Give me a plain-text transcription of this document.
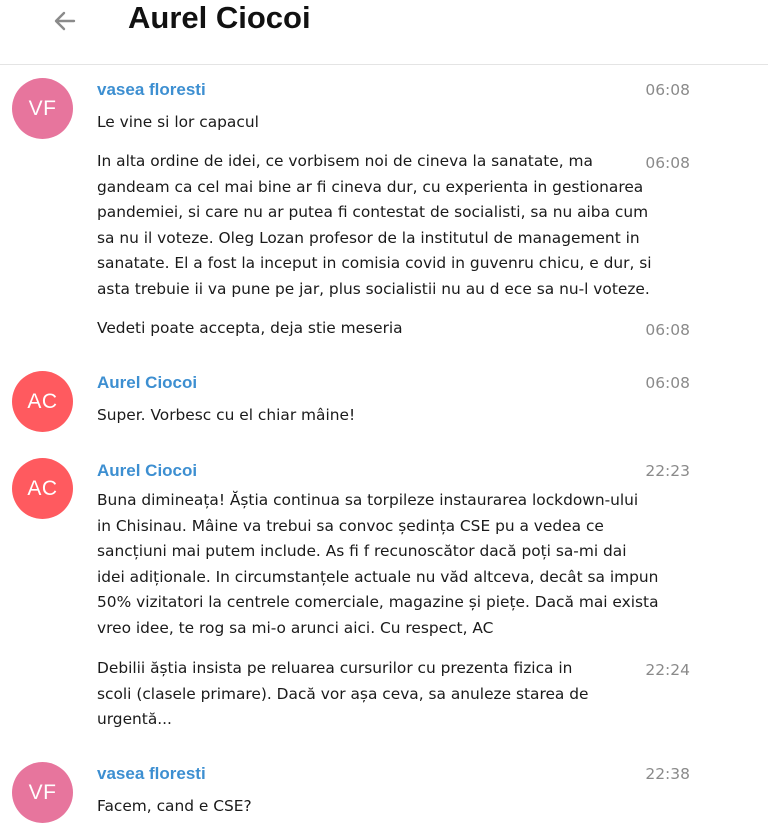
Aurel Ciocoi
VF
vasea floresti	06:08
Le vine si lor capacul
06:08
In alta ordine de idei, ce vorbisem noi de cineva la sanatate, ma
gandeam ca cel mai bine ar fi cineva dur, cu experienta in gestionarea
pandemiei, si care nu ar putea fi contestat de socialisti, sa nu aiba cum
sa nu il voteze. Oleg Lozan profesor de la institutul de management in
sanatate. El a fost la inceput in comisia covid in guvenru chicu, e dur, si
asta trebuie ii va pune pe jar, plus socialistii nu au d ece sa nu-l voteze.
06:08
Vedeti poate accepta, deja stie meseria
AC
Aurel Ciocoi	06:08
Super. Vorbesc cu el chiar mâine!
AC
Aurel Ciocoi	22:23
Buna dimineața! Ăștia continua sa torpileze instaurarea lockdown-ului
in Chisinau. Mâine va trebui sa convoc ședința CSE pu a vedea ce
sancțiuni mai putem include. As fi f recunoscător dacă poți sa-mi dai
idei adiționale. In circumstanțele actuale nu văd altceva, decât sa impun
50% vizitatori la centrele comerciale, magazine și piețe. Dacă mai exista
vreo idee, te rog sa mi-o arunci aici. Cu respect, AC
22:24
Debilii ăștia insista pe reluarea cursurilor cu prezenta fizica in
scoli (clasele primare). Dacă vor așa ceva, sa anuleze starea de
urgentă...
VF
vasea floresti	22:38
Facem, cand e CSE?
